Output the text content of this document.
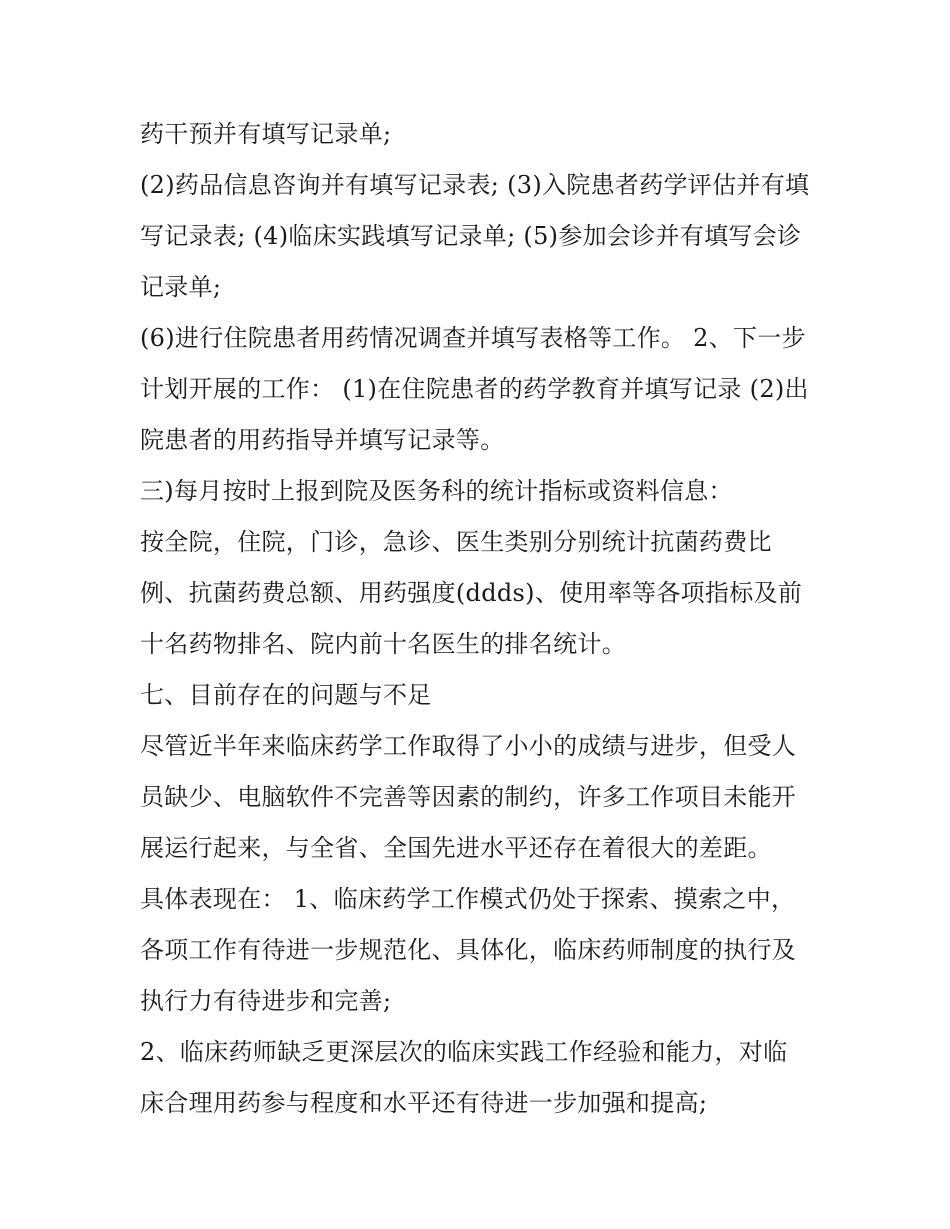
药干预并有填写记录单;
(2)药品信息咨询并有填写记录表; (3)入院患者药学评估并有填
写记录表; (4)临床实践填写记录单; (5)参加会诊并有填写会诊
记录单;
(6)进行住院患者用药情况调查并填写表格等工作。 2、下一步
计划开展的工作： (1)在住院患者的药学教育并填写记录 (2)出
院患者的用药指导并填写记录等。
三)每月按时上报到院及医务科的统计指标或资料信息：
按全院，住院，门诊，急诊、医生类别分别统计抗菌药费比
例、抗菌药费总额、用药强度(ddds)、使用率等各项指标及前
十名药物排名、院内前十名医生的排名统计。
七、目前存在的问题与不足
尽管近半年来临床药学工作取得了小小的成绩与进步，但受人
员缺少、电脑软件不完善等因素的制约，许多工作项目未能开
展运行起来，与全省、全国先进水平还存在着很大的差距。
具体表现在： 1、临床药学工作模式仍处于探索、摸索之中，
各项工作有待进一步规范化、具体化，临床药师制度的执行及
执行力有待进步和完善;
2、临床药师缺乏更深层次的临床实践工作经验和能力，对临
床合理用药参与程度和水平还有待进一步加强和提高;
